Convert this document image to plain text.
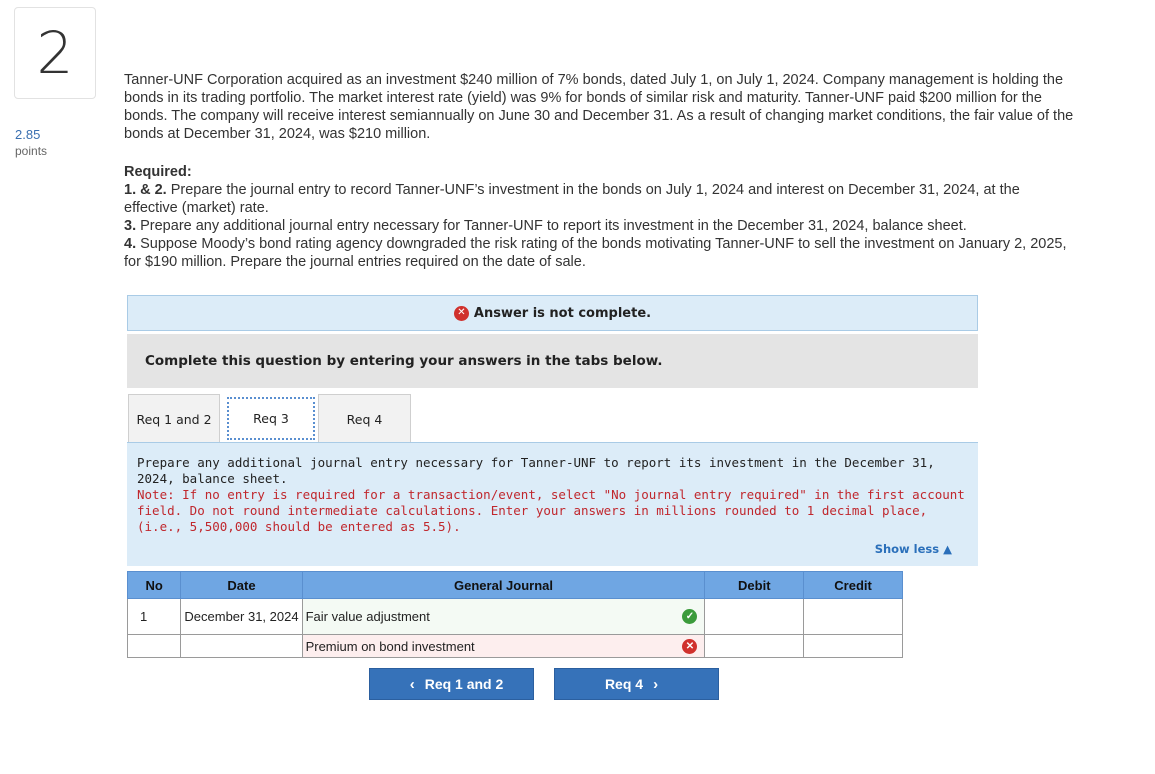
2
2.85
points

Tanner-UNF Corporation acquired as an investment $240 million of 7% bonds, dated July 1, on July 1, 2024. Company management is holding the bonds in its trading portfolio. The market interest rate (yield) was 9% for bonds of similar risk and maturity. Tanner-UNF paid $200 million for the bonds. The company will receive interest semiannually on June 30 and December 31. As a result of changing market conditions, the fair value of the bonds at December 31, 2024, was $210 million.

Required:
1. & 2. Prepare the journal entry to record Tanner-UNF’s investment in the bonds on July 1, 2024 and interest on December 31, 2024, at the effective (market) rate.
3. Prepare any additional journal entry necessary for Tanner-UNF to report its investment in the December 31, 2024, balance sheet.
4. Suppose Moody’s bond rating agency downgraded the risk rating of the bonds motivating Tanner-UNF to sell the investment on January 2, 2025, for $190 million. Prepare the journal entries required on the date of sale.
✕ Answer is not complete.
Complete this question by entering your answers in the tabs below.
Req 1 and 2	Req 3	Req 4
Prepare any additional journal entry necessary for Tanner-UNF to report its investment in the December 31, 2024, balance sheet.
Note: If no entry is required for a transaction/event, select "No journal entry required" in the first account field. Do not round intermediate calculations. Enter your answers in millions rounded to 1 decimal place, (i.e., 5,500,000 should be entered as 5.5).
Show less ▲
No	Date	General Journal	Debit	Credit
1	December 31, 2024	Fair value adjustment ✓		

		Premium on bond investment ✕		

‹ Req 1 and 2	Req 4 ›
